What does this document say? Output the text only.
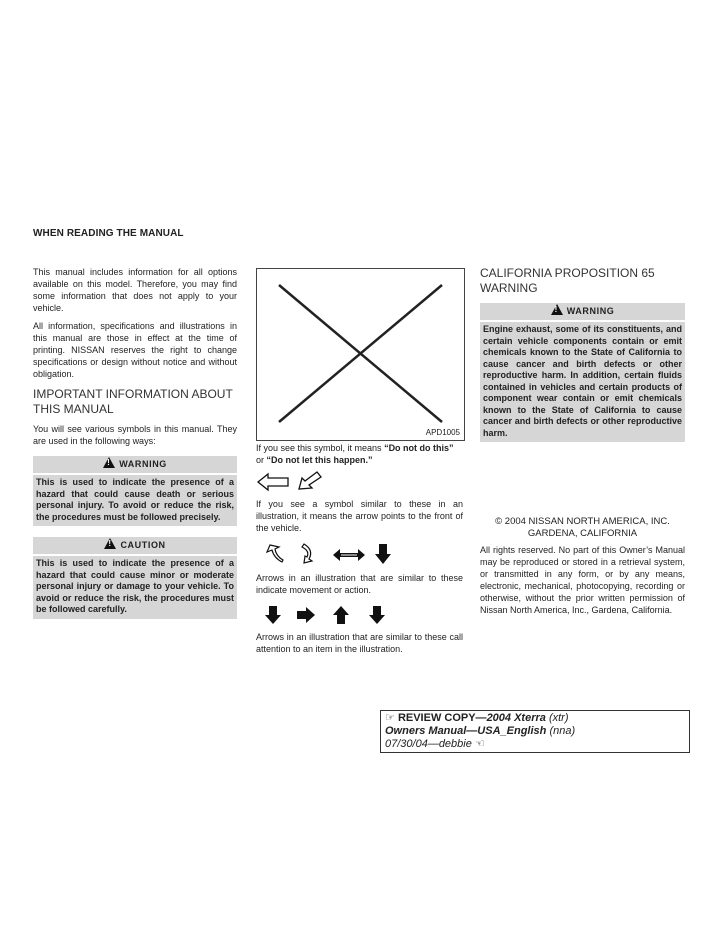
WHEN READING THE MANUAL

This manual includes information for all options available on this model. Therefore, you may find some information that does not apply to your vehicle.

All information, specifications and illustrations in this manual are those in effect at the time of printing. NISSAN reserves the right to change specifications or design without notice and without obligation.

IMPORTANT INFORMATION ABOUT THIS MANUAL

You will see various symbols in this manual. They are used in the following ways:

! WARNING
This is used to indicate the presence of a hazard that could cause death or serious personal injury. To avoid or reduce the risk, the procedures must be followed precisely.
! CAUTION
This is used to indicate the presence of a hazard that could cause minor or moderate personal injury or damage to your vehicle. To avoid or reduce the risk, the procedures must be followed carefully.
APD1005

If you see this symbol, it means “Do not do this” or “Do not let this happen.”

If you see a symbol similar to these in an illustration, it means the arrow points to the front of the vehicle.

Arrows in an illustration that are similar to these indicate movement or action.

Arrows in an illustration that are similar to these call attention to an item in the illustration.

CALIFORNIA PROPOSITION 65 WARNING
! WARNING
Engine exhaust, some of its constituents, and certain vehicle components contain or emit chemicals known to the State of California to cause cancer and birth defects or other reproductive harm. In addition, certain fluids contained in vehicles and certain products of component wear contain or emit chemicals known to the State of California to cause cancer and birth defects or other reproductive harm.
© 2004 NISSAN NORTH AMERICA, INC.
GARDENA, CALIFORNIA

All rights reserved. No part of this Owner’s Manual may be reproduced or stored in a retrieval system, or transmitted in any form, or by any means, electronic, mechanical, photocopying, recording or otherwise, without the prior written permission of Nissan North America, Inc., Gardena, California.

☞ REVIEW COPY—2004 Xterra (xtr)
Owners Manual—USA_English (nna)
07/30/04—debbie ☜
